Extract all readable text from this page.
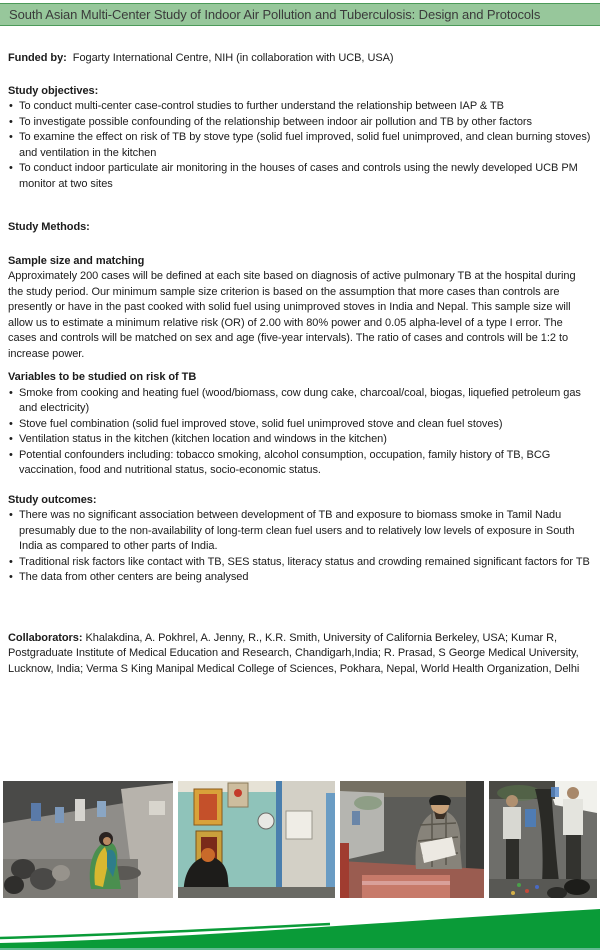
South Asian Multi-Center Study of Indoor Air Pollution and Tuberculosis: Design and Protocols

Funded by: Fogarty International Centre, NIH (in collaboration with UCB, USA)

Study objectives:
• To conduct multi-center case-control studies to further understand the relationship between IAP & TB
• To investigate possible confounding of the relationship between indoor air pollution and TB by other factors
• To examine the effect on risk of TB by stove type (solid fuel improved, solid fuel unimproved, and clean burning stoves) and ventilation in the kitchen
• To conduct indoor particulate air monitoring in the houses of cases and controls using the newly developed UCB PM monitor at two sites
Study Methods:
Sample size and matching

Approximately 200 cases will be defined at each site based on diagnosis of active pulmonary TB at the hospital during the study period. Our minimum sample size criterion is based on the assumption that more cases than controls are presently or have in the past cooked with solid fuel using unimproved stoves in India and Nepal. This sample size will allow us to estimate a minimum relative risk (OR) of 2.00 with 80% power and 0.05 alpha-level of a type I error. The cases and controls will be matched on sex and age (five-year intervals). The ratio of cases and controls will be 1:2 to increase power.

Variables to be studied on risk of TB
• Smoke from cooking and heating fuel (wood/biomass, cow dung cake, charcoal/coal, biogas, liquefied petroleum gas and electricity)
• Stove fuel combination (solid fuel improved stove, solid fuel unimproved stove and clean fuel stoves)
• Ventilation status in the kitchen (kitchen location and windows in the kitchen)
• Potential confounders including: tobacco smoking, alcohol consumption, occupation, family history of TB, BCG vaccination, food and nutritional status, socio-economic status.
Study outcomes:
• There was no significant association between development of TB and exposure to biomass smoke in Tamil Nadu presumably due to the non-availability of long-term clean fuel users and to relatively low levels of exposure in South India as compared to other parts of India.
• Traditional risk factors like contact with TB, SES status, literacy status and crowding remained significant factors for TB
• The data from other centers are being analysed

Collaborators: Khalakdina, A. Pokhrel, A. Jenny, R., K.R. Smith, University of California Berkeley, USA; Kumar R, Postgraduate Institute of Medical Education and Research, Chandigarh,India; R. Prasad, S George Medical University, Lucknow, India; Verma S King Manipal Medical College of Sciences, Pokhara, Nepal, World Health Organization, Delhi
